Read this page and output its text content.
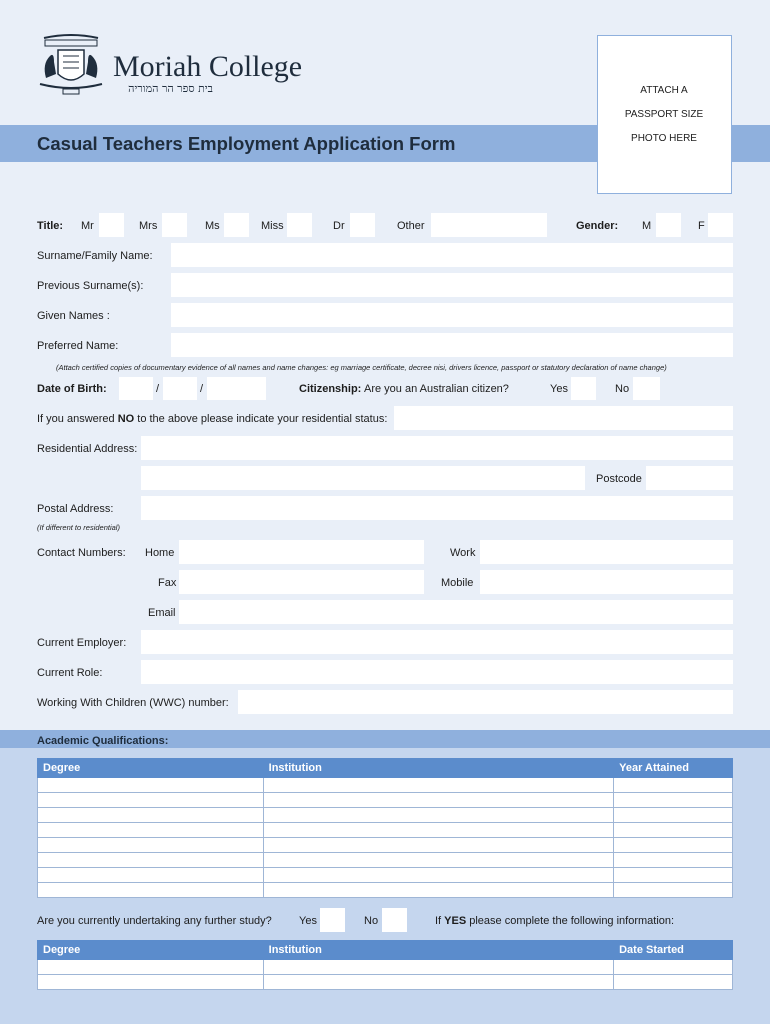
Moriah College
בית ספר הר המוריה
Casual Teachers Employment Application Form
ATTACH A
PASSPORT SIZE
PHOTO HERE
Title: Mr	Mrs	Ms	Miss	Dr	Other	Gender: M	F
Surname/Family Name:
Previous Surname(s):
Given Names :
Preferred Name:
(Attach certified copies of documentary evidence of all names and name changes: eg marriage certificate, decree nisi, drivers licence, passport or statutory declaration of name change)
Date of Birth:	/	/	Citizenship: Are you an Australian citizen?	Yes	No
If you answered NO to the above please indicate your residential status:
Residential Address:
Postcode
Postal Address:
(If different to residential)
Contact Numbers: Home	Work
Fax	Mobile
Email
Current Employer:
Current Role:
Working With Children (WWC) number:
Academic Qualifications:
Degree	Institution	Year Attained

Are you currently undertaking any further study? Yes	No	If YES please complete the following information:
Degree	Institution	Date Started
